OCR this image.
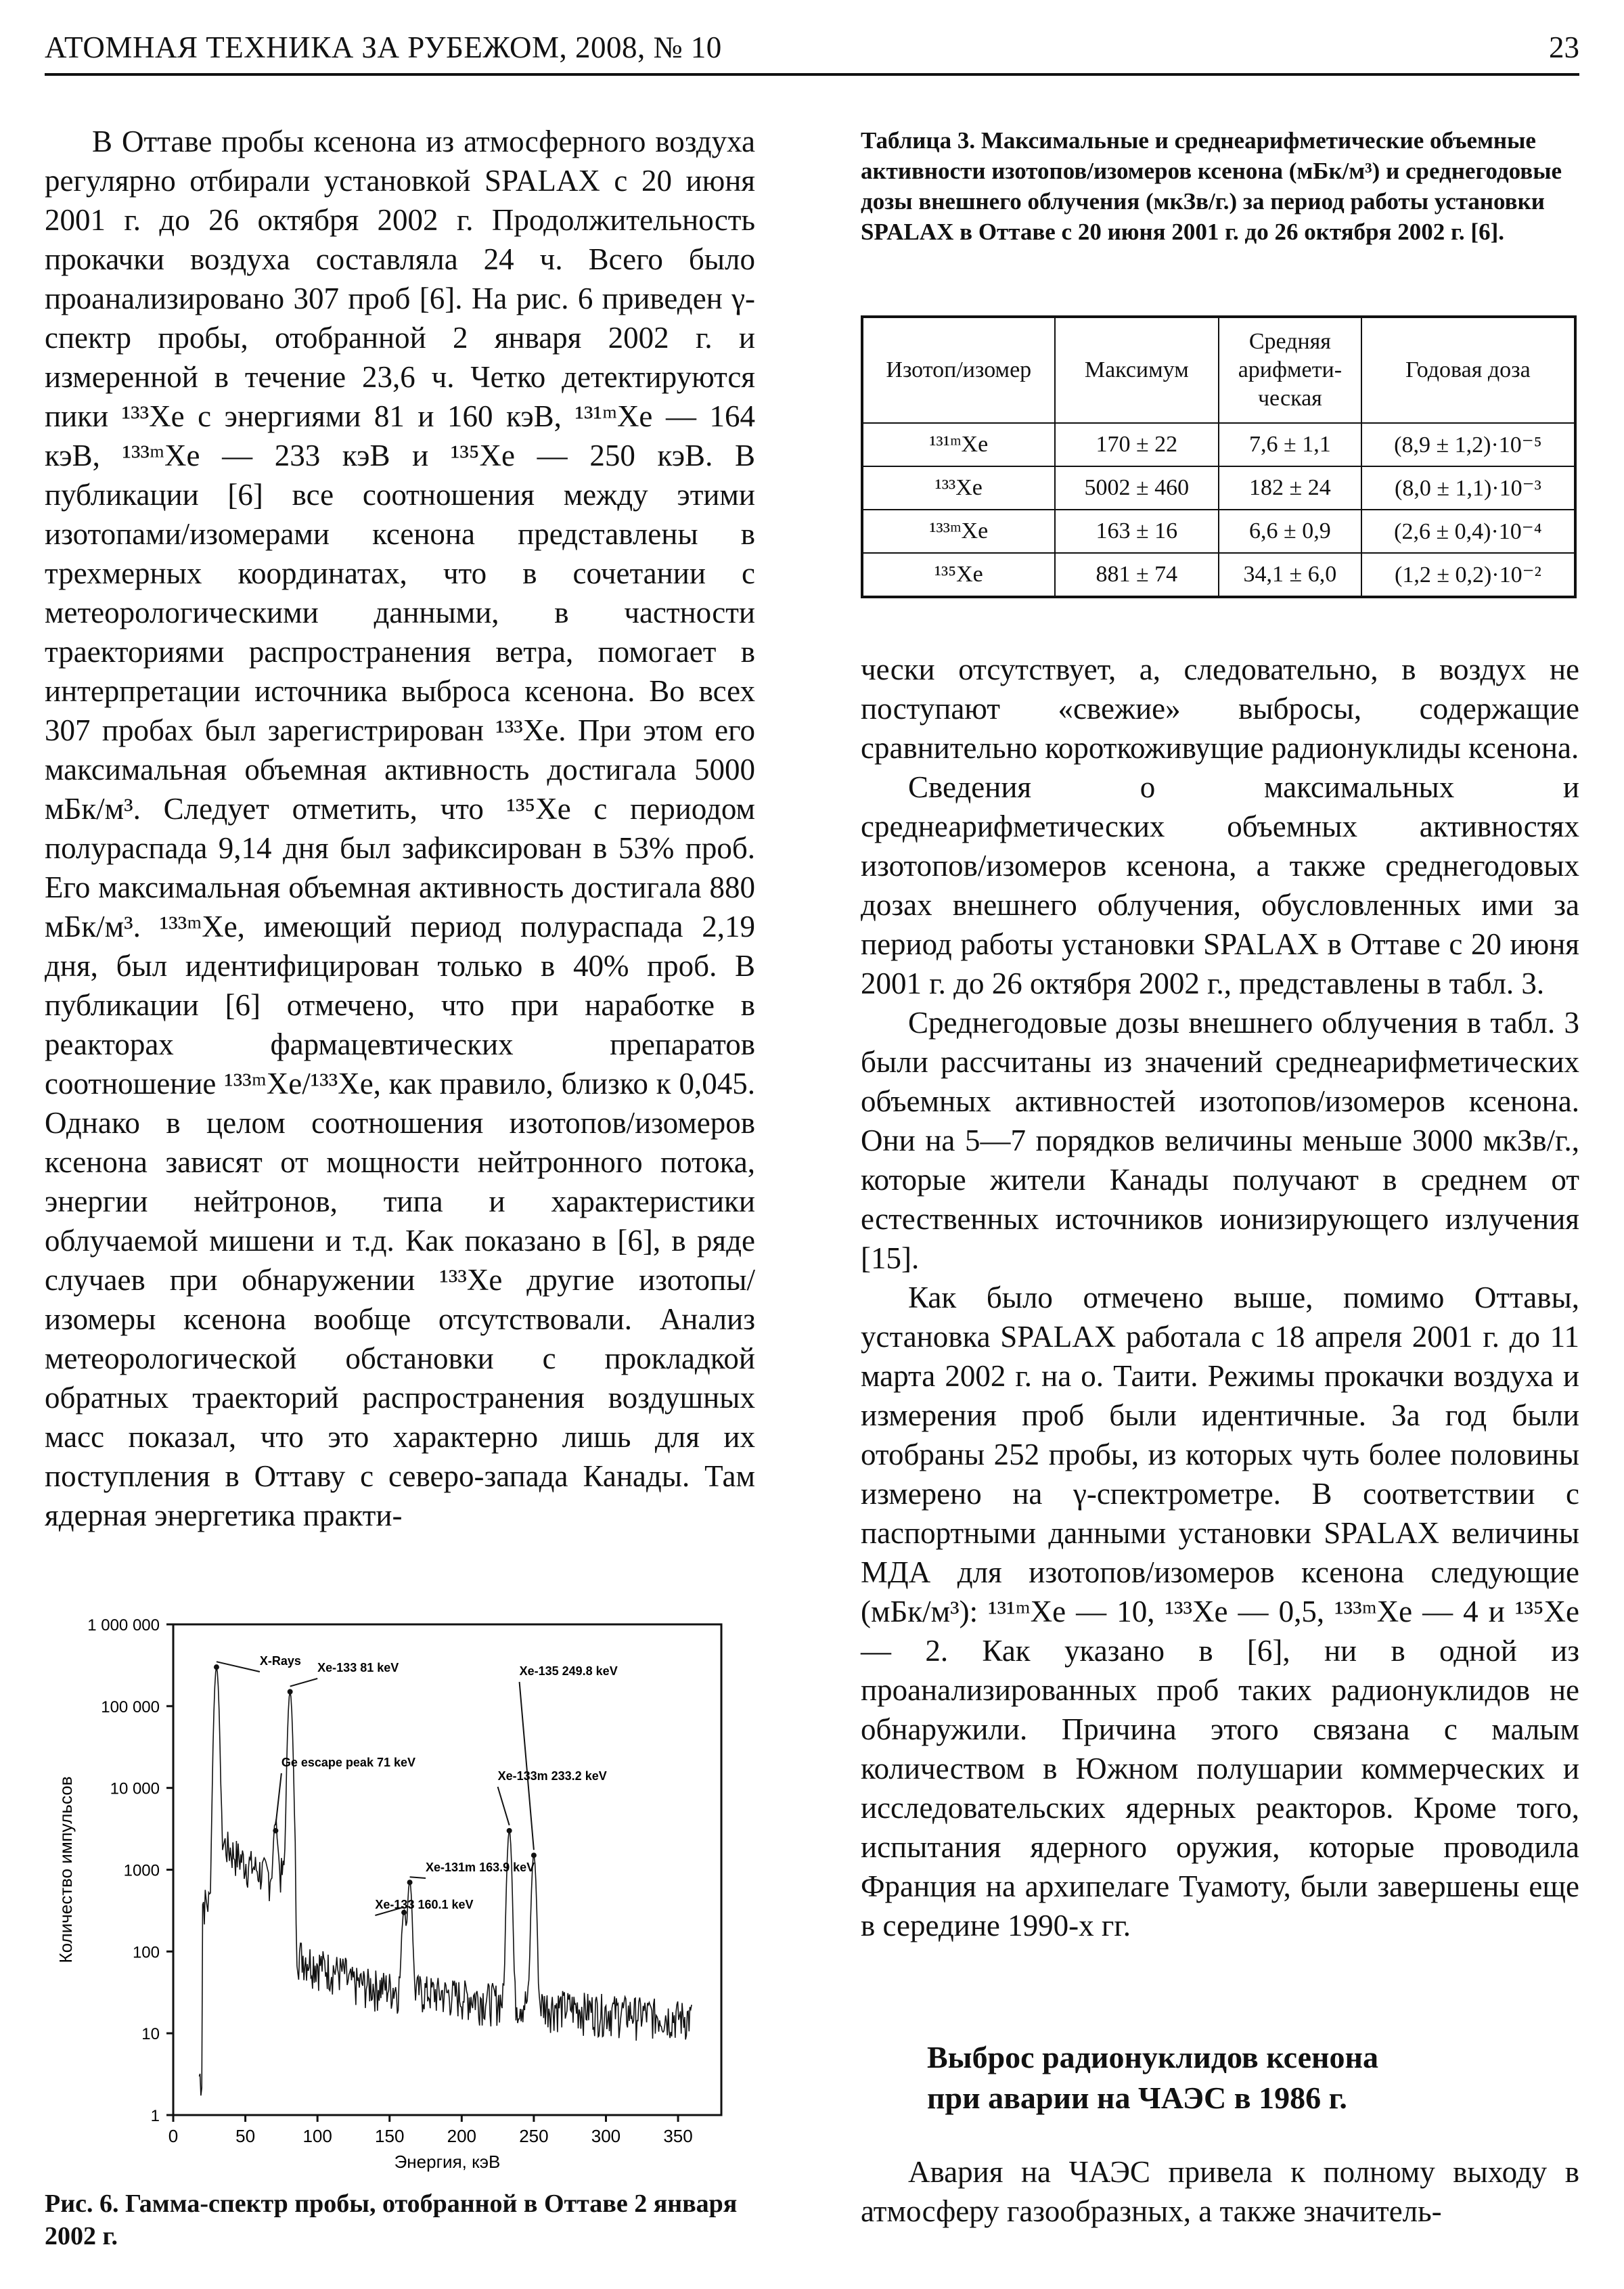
АТОМНАЯ ТЕХНИКА ЗА РУБЕЖОМ, 2008, № 10	23

В Оттаве пробы ксенона из атмосферного воздуха регулярно отбирали установкой SPALAX с 20 июня 2001 г. до 26 октября 2002 г. Продолжительность прокачки воздуха составляла 24 ч. Всего было проанализировано 307 проб [6]. На рис. 6 приведен γ-спектр пробы, отобранной 2 января 2002 г. и измеренной в течение 23,6 ч. Четко детектируются пики ¹³³Xe с энергиями 81 и 160 кэВ, ¹³¹ᵐXe — 164 кэВ, ¹³³ᵐXe — 233 кэВ и ¹³⁵Xe — 250 кэВ. В публикации [6] все соотношения между этими изотопами/изомерами ксенона представлены в трехмерных координатах, что в сочетании с метеорологическими данными, в частности траекториями распространения ветра, помогает в интерпретации источника выброса ксенона. Во всех 307 пробах был зарегистрирован ¹³³Xe. При этом его максимальная объемная активность достигала 5000 мБк/м³. Следует отметить, что ¹³⁵Xe с периодом полураспада 9,14 дня был зафиксирован в 53% проб. Его максимальная объемная активность достигала 880 мБк/м³. ¹³³ᵐXe, имеющий период полураспада 2,19 дня, был идентифицирован только в 40% проб. В публикации [6] отмечено, что при наработке в реакторах фармацевтических препаратов соотношение ¹³³ᵐXe/¹³³Xe, как правило, близко к 0,045. Однако в целом соотношения изотопов/изомеров ксенона зависят от мощности нейтронного потока, энергии нейтронов, типа и характеристики облучаемой мишени и т.д. Как показано в [6], в ряде случаев при обнаружении ¹³³Xe другие изотопы/изомеры ксенона вообще отсутствовали. Анализ метеорологической обстановки с прокладкой обратных траекторий распространения воздушных масс показал, что это характерно лишь для их поступления в Оттаву с северо-запада Канады. Там ядерная энергетика практи-

Таблица 3. Максимальные и среднеарифметические объемные активности изотопов/изомеров ксенона (мБк/м³) и среднегодовые дозы внешнего облучения (мкЗв/г.) за период работы установки SPALAX в Оттаве с 20 июня 2001 г. до 26 октября 2002 г. [6].
Изотоп/изомер	Максимум	Средняя арифмети- ческая	Годовая доза
¹³¹ᵐXe	170 ± 22	7,6 ± 1,1	(8,9 ± 1,2)·10⁻⁵
¹³³Xe	5002 ± 460	182 ± 24	(8,0 ± 1,1)·10⁻³
¹³³ᵐXe	163 ± 16	6,6 ± 0,9	(2,6 ± 0,4)·10⁻⁴
¹³⁵Xe	881 ± 74	34,1 ± 6,0	(1,2 ± 0,2)·10⁻²

чески отсутствует, а, следовательно, в воздух не поступают «свежие» выбросы, содержащие сравнительно короткоживущие радионуклиды ксенона.

Сведения о максимальных и среднеарифметических объемных активностях изотопов/изомеров ксенона, а также среднегодовых дозах внешнего облучения, обусловленных ими за период работы установки SPALAX в Оттаве с 20 июня 2001 г. до 26 октября 2002 г., представлены в табл. 3.

Среднегодовые дозы внешнего облучения в табл. 3 были рассчитаны из значений среднеарифметических объемных активностей изотопов/изомеров ксенона. Они на 5—7 порядков величины меньше 3000 мкЗв/г., которые жители Канады получают в среднем от естественных источников ионизирующего излучения [15].

Как было отмечено выше, помимо Оттавы, установка SPALAX работала с 18 апреля 2001 г. до 11 марта 2002 г. на о. Таити. Режимы прокачки воздуха и измерения проб были идентичные. За год были отобраны 252 пробы, из которых чуть более половины измерено на γ-спектрометре. В соответствии с паспортными данными установки SPALAX величины МДА для изотопов/изомеров ксенона следующие (мБк/м³): ¹³¹ᵐXe — 10, ¹³³Xe — 0,5, ¹³³ᵐXe — 4 и ¹³⁵Xe — 2. Как указано в [6], ни в одной из проанализированных проб таких радионуклидов не обнаружили. Причина этого связана с малым количеством в Южном полушарии коммерческих и исследовательских ядерных реакторов. Кроме того, испытания ядерного оружия, которые проводила Франция на архипелаге Туамоту, были завершены еще в середине 1990-х гг.

Выброс радионуклидов ксенона
при аварии на ЧАЭС в 1986 г.

Авария на ЧАЭС привела к полному выходу в атмосферу газообразных, а также значитель-

1
10
100
1000
10 000
100 000
1 000 000
0	50	100 150 200 250 300 350
Энергия, кэВ
Количество импульсов
X-Rays
Ge escape peak 71 keV
Xe-133 81 keV
Xe-133 160.1 keV
Xe-131m 163.9 keV
Xe-133m 233.2 keV
Xe-135 249.8 keV
Рис. 6. Гамма-спектр пробы, отобранной в Оттаве 2 января 2002 г.
